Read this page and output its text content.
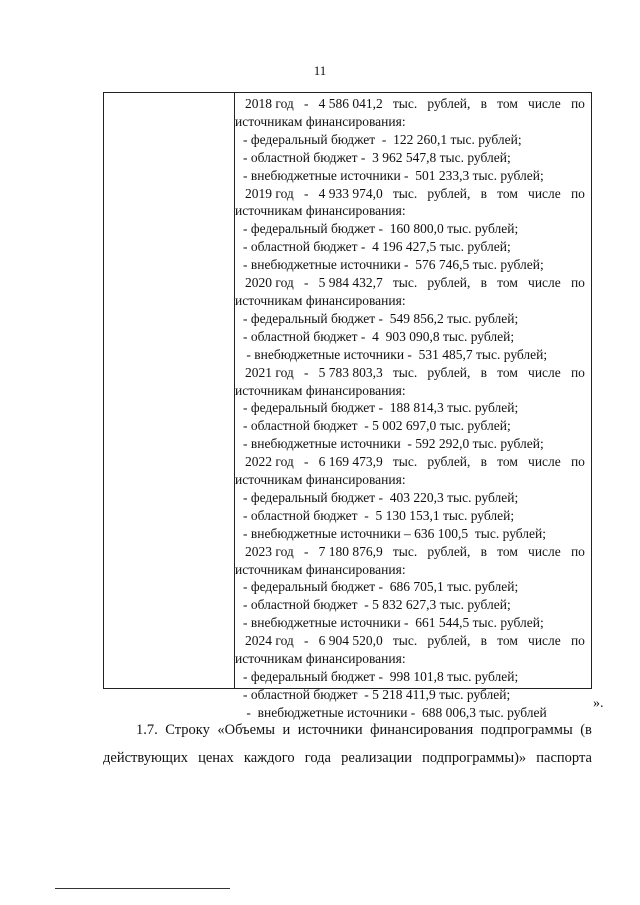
11
2018 год - 4 586 041,2 тыс. рублей, в том числе по
источникам финансирования:
- федеральный бюджет  -  122 260,1 тыс. рублей;
- областной бюджет -  3 962 547,8 тыс. рублей;
- внебюджетные источники -  501 233,3 тыс. рублей;
2019 год - 4 933 974,0 тыс. рублей, в том числе по
источникам финансирования:
- федеральный бюджет -  160 800,0 тыс. рублей;
- областной бюджет -  4 196 427,5 тыс. рублей;
- внебюджетные источники -  576 746,5 тыс. рублей;
2020 год - 5 984 432,7 тыс. рублей, в том числе по
источникам финансирования:
- федеральный бюджет -  549 856,2 тыс. рублей;
- областной бюджет -  4  903 090,8 тыс. рублей;
- внебюджетные источники -  531 485,7 тыс. рублей;
2021 год - 5 783 803,3 тыс. рублей, в том числе по
источникам финансирования:
- федеральный бюджет -  188 814,3 тыс. рублей;
- областной бюджет  - 5 002 697,0 тыс. рублей;
- внебюджетные источники  - 592 292,0 тыс. рублей;
2022 год - 6 169 473,9 тыс. рублей, в том числе по
источникам финансирования:
- федеральный бюджет -  403 220,3 тыс. рублей;
- областной бюджет  -  5 130 153,1 тыс. рублей;
- внебюджетные источники – 636 100,5  тыс. рублей;
2023 год - 7 180 876,9 тыс. рублей, в том числе по
источникам финансирования:
- федеральный бюджет -  686 705,1 тыс. рублей;
- областной бюджет  - 5 832 627,3 тыс. рублей;
- внебюджетные источники -  661 544,5 тыс. рублей;
2024 год - 6 904 520,0 тыс. рублей, в том числе по
источникам финансирования:
- федеральный бюджет -  998 101,8 тыс. рублей;
- областной бюджет  - 5 218 411,9 тыс. рублей;
-  внебюджетные источники -  688 006,3 тыс. рублей
».
1.7. Строку «Объемы и источники финансирования подпрограммы (в
действующих ценах каждого года реализации подпрограммы)» паспорта
